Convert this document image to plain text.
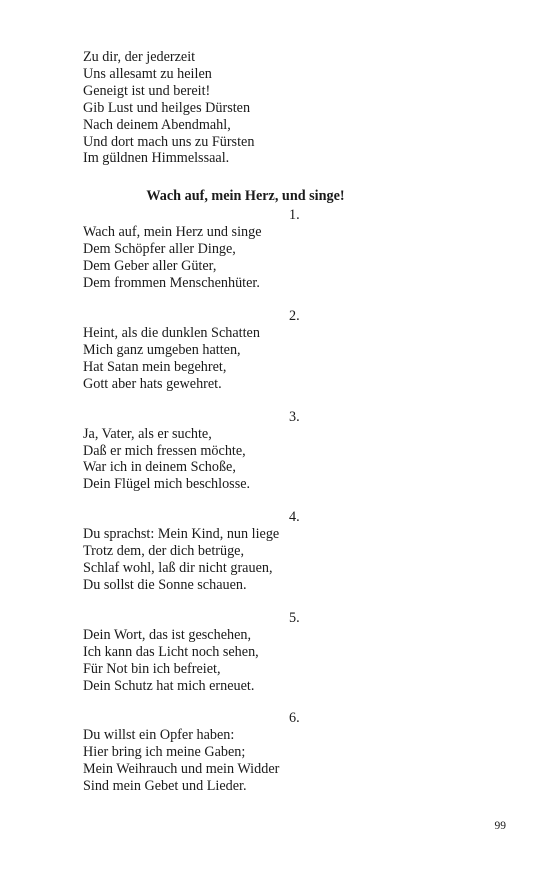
Zu dir, der jederzeit

Uns allesamt zu heilen

Geneigt ist und bereit!

Gib Lust und heilges Dürsten

Nach deinem Abendmahl,

Und dort mach uns zu Fürsten

Im güldnen Himmelssaal.

Wach auf, mein Herz, und singe!

1.

Wach auf, mein Herz und singe

Dem Schöpfer aller Dinge,

Dem Geber aller Güter,

Dem frommen Menschenhüter.

2.

Heint, als die dunklen Schatten

Mich ganz umgeben hatten,

Hat Satan mein begehret,

Gott aber hats gewehret.

3.

Ja, Vater, als er suchte,

Daß er mich fressen möchte,

War ich in deinem Schoße,

Dein Flügel mich beschlosse.

4.

Du sprachst: Mein Kind, nun liege

Trotz dem, der dich betrüge,

Schlaf wohl, laß dir nicht grauen,

Du sollst die Sonne schauen.

5.

Dein Wort, das ist geschehen,

Ich kann das Licht noch sehen,

Für Not bin ich befreiet,

Dein Schutz hat mich erneuet.

6.

Du willst ein Opfer haben:

Hier bring ich meine Gaben;

Mein Weihrauch und mein Widder

Sind mein Gebet und Lieder.

99
